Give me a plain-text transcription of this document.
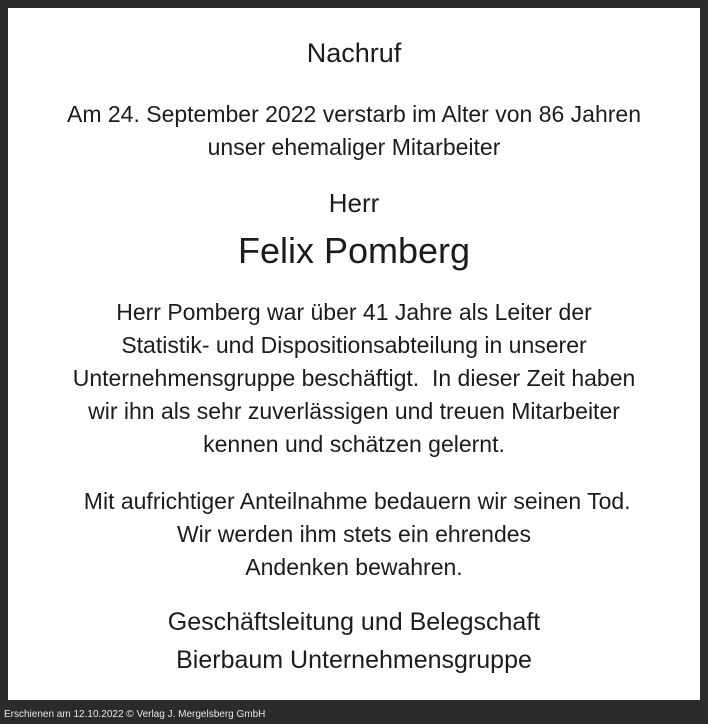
Nachruf
Am 24. September 2022 verstarb im Alter von 86 Jahren
unser ehemaliger Mitarbeiter
Herr
Felix Pomberg
Herr Pomberg war über 41 Jahre als Leiter der
Statistik- und Dispositionsabteilung in unserer
Unternehmensgruppe beschäftigt.  In dieser Zeit haben
wir ihn als sehr zuverlässigen und treuen Mitarbeiter
kennen und schätzen gelernt.
Mit aufrichtiger Anteilnahme bedauern wir seinen Tod.
Wir werden ihm stets ein ehrendes
Andenken bewahren.
Geschäftsleitung und Belegschaft
Bierbaum Unternehmensgruppe
Erschienen am 12.10.2022 © Verlag J. Mergelsberg GmbH
